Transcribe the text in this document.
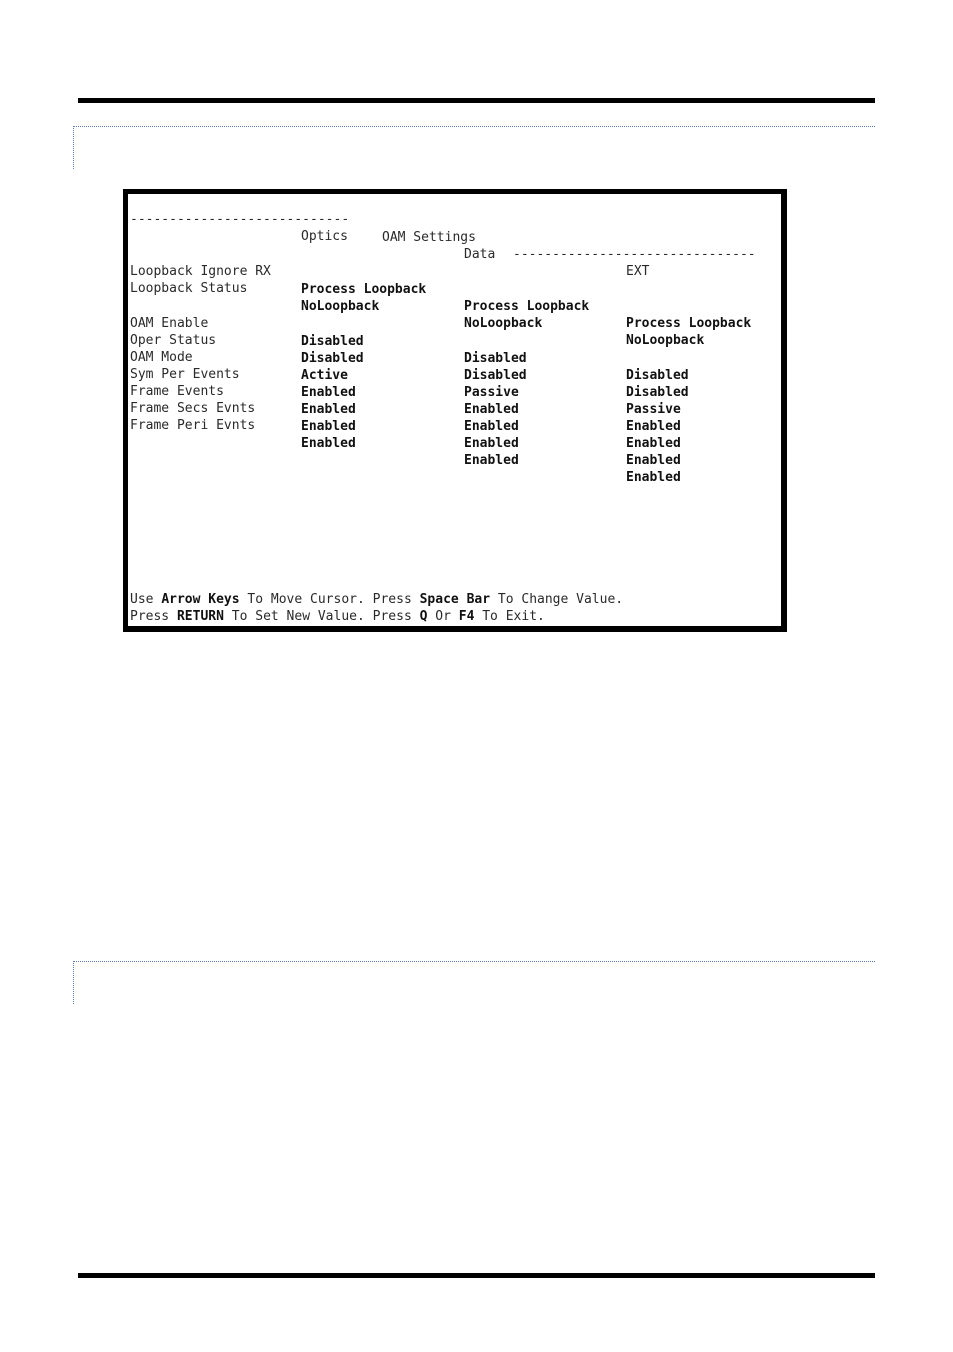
----------------------------

OAM Settings

-------------------------------

Optics

Data

EXT

Loopback Ignore RX

Process Loopback

Process Loopback

Process Loopback

Loopback Status

NoLoopback

NoLoopback

NoLoopback

OAM Enable

Disabled

Disabled

Disabled

Oper Status

Disabled

Disabled

Disabled

OAM Mode

Active

Passive

Passive

Sym Per Events

Enabled

Enabled

Enabled

Frame Events

Enabled

Enabled

Enabled

Frame Secs Evnts

Enabled

Enabled

Enabled

Frame Peri Evnts

Enabled

Enabled

Enabled

Use Arrow Keys To Move Cursor. Press Space Bar To Change Value.

Press RETURN To Set New Value. Press Q Or F4 To Exit.
